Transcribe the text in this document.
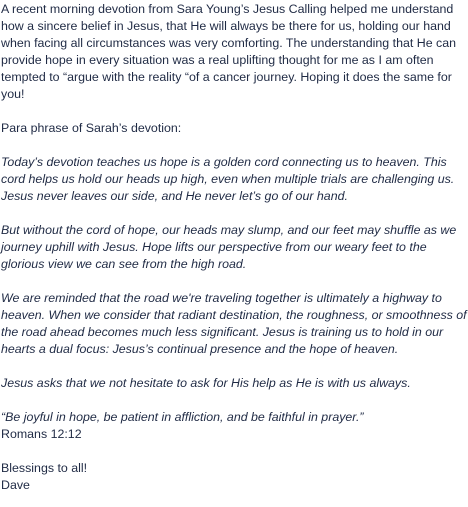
A recent morning devotion from Sara Young’s Jesus Calling helped me understand how a sincere belief in Jesus, that He will always be there for us, holding our hand when facing all circumstances was very comforting. The understanding that He can provide hope in every situation was a real uplifting thought for me as I am often tempted to “argue with the reality “of a cancer journey. Hoping it does the same for you!

Para phrase of Sarah’s devotion:

Today’s devotion teaches us hope is a golden cord connecting us to heaven. This cord helps us hold our heads up high, even when multiple trials are challenging us. Jesus never leaves our side, and He never let’s go of our hand.

But without the cord of hope, our heads may slump, and our feet may shuffle as we journey uphill with Jesus. Hope lifts our perspective from our weary feet to the glorious view we can see from the high road.

We are reminded that the road we're traveling together is ultimately a highway to heaven. When we consider that radiant destination, the roughness, or smoothness of the road ahead becomes much less significant. Jesus is training us to hold in our hearts a dual focus: Jesus’s continual presence and the hope of heaven.

Jesus asks that we not hesitate to ask for His help as He is with us always.

“Be joyful in hope, be patient in affliction, and be faithful in prayer.”

Romans 12:12

Blessings to all!

Dave
